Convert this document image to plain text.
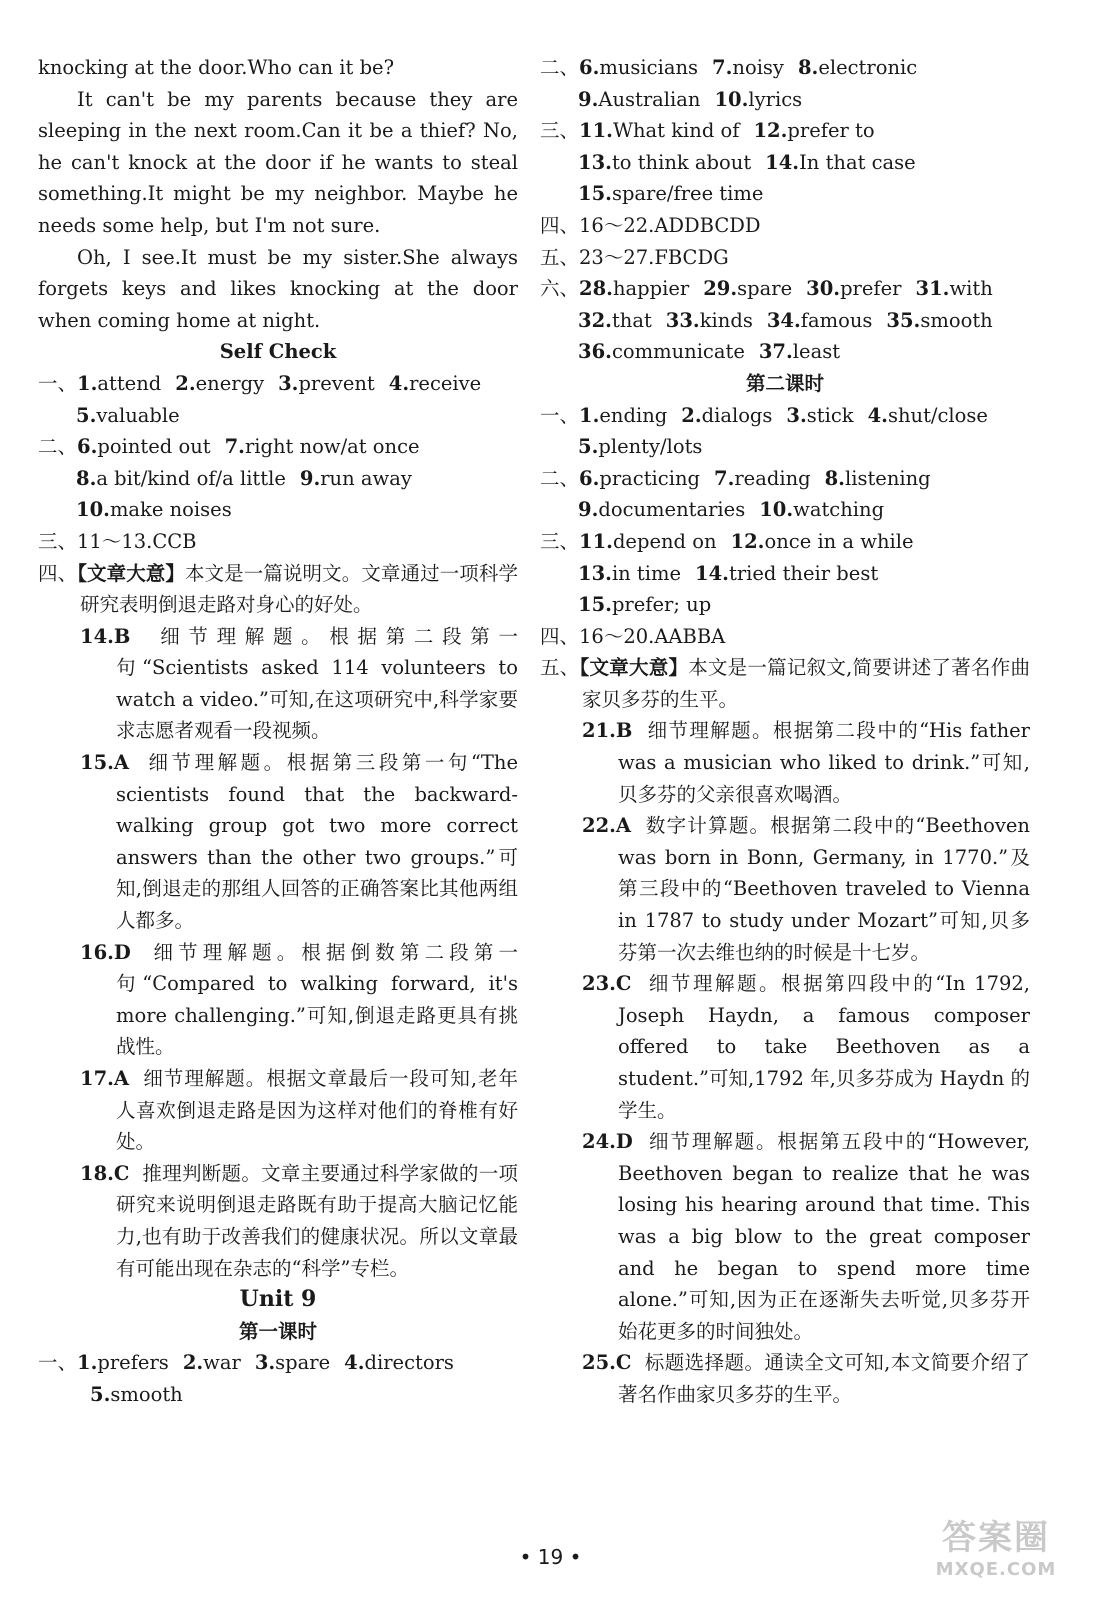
knocking at the door.Who can it be?

It can't be my parents because they are sleeping in the next room.Can it be a thief? No, he can't knock at the door if he wants to steal something.It might be my neighbor. Maybe he needs some help, but I'm not sure.

Oh, I see.It must be my sister.She always forgets keys and likes knocking at the door when coming home at night.

Self Check

一、1.attend 2.energy 3.prevent 4.receive

5.valuable

二、6.pointed out 7.right now/at once

8.a bit/kind of/a little 9.run away

10.make noises

三、11～13.CCB

四、【文章大意】本文是一篇说明文。文章通过一项科学研究表明倒退走路对身心的好处。

14.B 细节理解题。根据第二段第一句“Scientists asked 114 volunteers to watch a video.”可知,在这项研究中,科学家要求志愿者观看一段视频。

15.A 细节理解题。根据第三段第一句“The scientists found that the backward-walking group got two more correct answers than the other two groups.”可知,倒退走的那组人回答的正确答案比其他两组人都多。

16.D 细节理解题。根据倒数第二段第一句“Compared to walking forward, it's more challenging.”可知,倒退走路更具有挑战性。

17.A 细节理解题。根据文章最后一段可知,老年人喜欢倒退走路是因为这样对他们的脊椎有好处。

18.C 推理判断题。文章主要通过科学家做的一项研究来说明倒退走路既有助于提高大脑记忆能力,也有助于改善我们的健康状况。所以文章最有可能出现在杂志的“科学”专栏。

Unit 9

第一课时

一、1.prefers 2.war 3.spare 4.directors

5.smooth

二、6.musicians 7.noisy 8.electronic

9.Australian 10.lyrics

三、11.What kind of 12.prefer to

13.to think about 14.In that case

15.spare/free time

四、16～22.ADDBCDD

五、23～27.FBCDG

六、28.happier 29.spare 30.prefer 31.with

32.that 33.kinds 34.famous 35.smooth

36.communicate 37.least

第二课时

一、1.ending 2.dialogs 3.stick 4.shut/close

5.plenty/lots

二、6.practicing 7.reading 8.listening

9.documentaries 10.watching

三、11.depend on 12.once in a while

13.in time 14.tried their best

15.prefer; up

四、16～20.AABBA

五、【文章大意】本文是一篇记叙文,简要讲述了著名作曲家贝多芬的生平。

21.B 细节理解题。根据第二段中的“His father was a musician who liked to drink.”可知,贝多芬的父亲很喜欢喝酒。

22.A 数字计算题。根据第二段中的“Beethoven was born in Bonn, Germany, in 1770.”及第三段中的“Beethoven traveled to Vienna in 1787 to study under Mozart”可知,贝多芬第一次去维也纳的时候是十七岁。

23.C 细节理解题。根据第四段中的“In 1792, Joseph Haydn, a famous composer offered to take Beethoven as a student.”可知,1792 年,贝多芬成为 Haydn 的学生。

24.D 细节理解题。根据第五段中的“However, Beethoven began to realize that he was losing his hearing around that time. This was a big blow to the great composer and he began to spend more time alone.”可知,因为正在逐渐失去听觉,贝多芬开始花更多的时间独处。

25.C 标题选择题。通读全文可知,本文简要介绍了著名作曲家贝多芬的生平。

• 19 •	答案圈
MXQE.COM
